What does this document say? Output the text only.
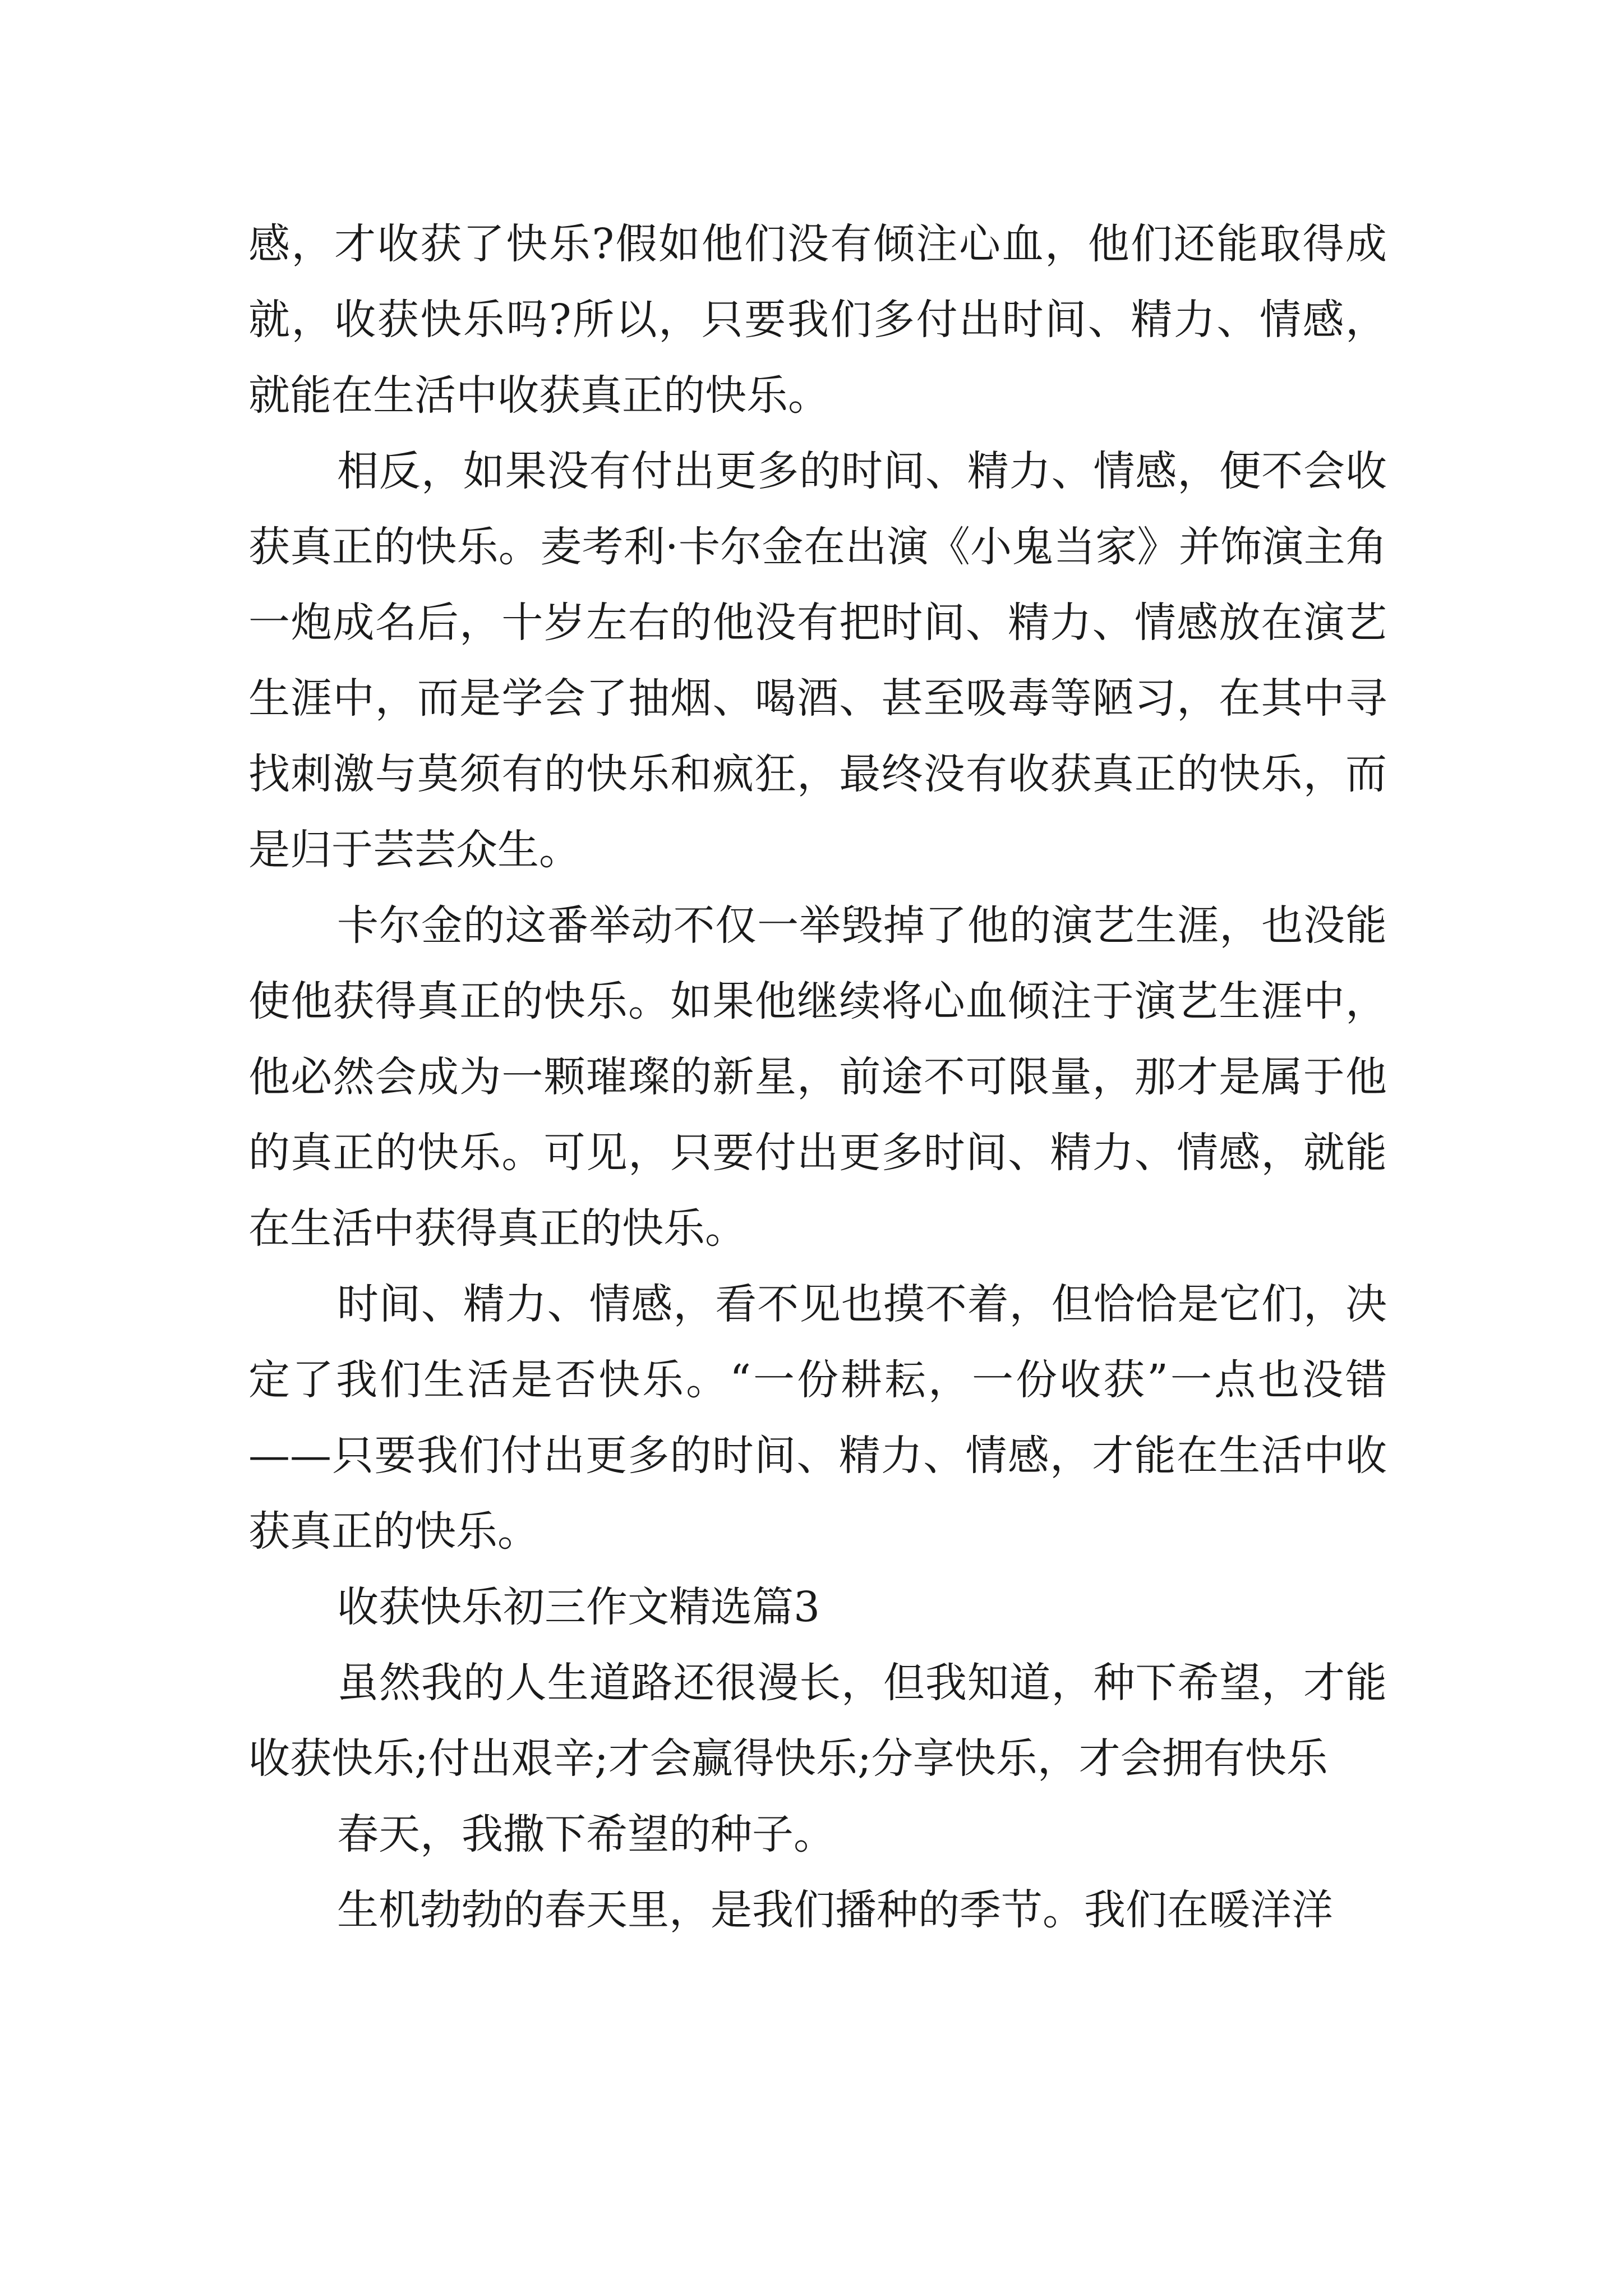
感，才收获了快乐?假如他们没有倾注心血，他们还能取得成就，收获快乐吗?所以，只要我们多付出时间、精力、情感，就能在生活中收获真正的快乐。

相反，如果没有付出更多的时间、精力、情感，便不会收获真正的快乐。麦考利·卡尔金在出演《小鬼当家》并饰演主角一炮成名后，十岁左右的他没有把时间、精力、情感放在演艺生涯中，而是学会了抽烟、喝酒、甚至吸毒等陋习，在其中寻找刺激与莫须有的快乐和疯狂，最终没有收获真正的快乐，而是归于芸芸众生。

卡尔金的这番举动不仅一举毁掉了他的演艺生涯，也没能使他获得真正的快乐。如果他继续将心血倾注于演艺生涯中，他必然会成为一颗璀璨的新星，前途不可限量，那才是属于他的真正的快乐。可见，只要付出更多时间、精力、情感，就能在生活中获得真正的快乐。

时间、精力、情感，看不见也摸不着，但恰恰是它们，决定了我们生活是否快乐。“一份耕耘，一份收获”一点也没错——只要我们付出更多的时间、精力、情感，才能在生活中收获真正的快乐。

收获快乐初三作文精选篇3

虽然我的人生道路还很漫长，但我知道，种下希望，才能收获快乐;付出艰辛;才会赢得快乐;分享快乐，才会拥有快乐

春天，我撒下希望的种子。

生机勃勃的春天里，是我们播种的季节。我们在暖洋洋
